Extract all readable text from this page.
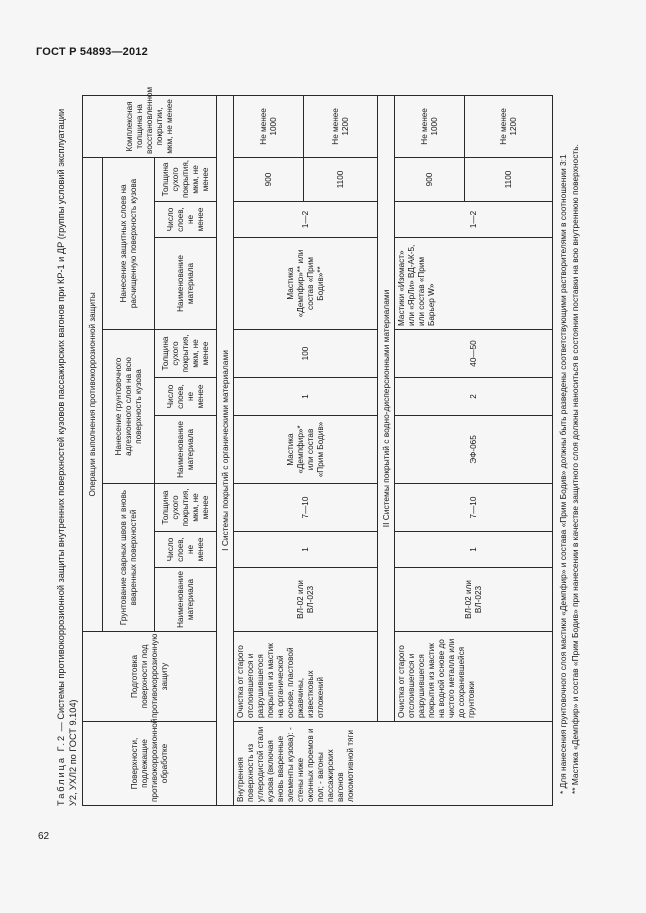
ГОСТ Р 54893—2012
Таблица Г.2 — Системы противокоррозионной защиты внутренних поверхностей кузовов пассажирских вагонов при КР-1 и ДР (группы условий эксплуатации У2, УХЛ2 по ГОСТ 9.104)	Поверхности, подлежащие противокоррозионной обработке	Подготовка поверхности под противокоррозионную защиту	Операции выполнения противокоррозионной защиты									Комплексная толщина на восстановленном покрытии, мкм, не менее
		Грунтование сварных швов и вновь вваренных поверхностей			Нанесение грунтовочного адгезионного слоя на всю поверхность кузова			Нанесение защитных слоев на расчищенную поверхность кузова			
		Наименование материала	Число слоев, не менее	Толщина сухого покрытия, мкм, не менее	Наименование материала	Число слоев, не менее	Толщина сухого покрытия, мкм, не менее	Наименование материала	Число слоев, не менее	Толщина сухого покрытия, мкм, не менее	
I Системы покрытий с органическими материалами											
Внутренняя поверхность из углеродистой стали кузова (включая вновь вваренные элементы кузова): - стены ниже оконных проемов и пол; - вагоны пассажирских вагонов локомотивной тяги	Очистка от старого отслоившегося и разрушившегося покрытия из мастик на органической основе, пластовой ржавчины, известковых отложений	ВЛ-02 или ВЛ-023	1	7—10	Мастика «Демпфир»* или состав «Прим Бодив»	1	100	Мастика «Демпфир»** или состав «Прим Бодив»**	1—2	900	Не менее 1000
										1100	Не менее 1200
	II Системы покрытий с водно-дисперсионными материалами										
	Очистка от старого отслоившегося и разрушившегося покрытия из мастик на водной основе до чистого металла или до сохранившейся грунтовки	ВЛ-02 или ВЛ-023	1	7—10	ЭФ-065	2	40—50	Мастики «Изомаст» или «ЯрЛи» ВД-АК-5, или состав «Прим Барьер W»	1—2	900	Не менее 1000
										1100	Не менее 1200

* Для нанесения грунтовочного слоя мастики «Демпфир» и состава «Прим Бодив» должны быть разведены соответствующими растворителями в соотношении 3:1 ** Мастика «Демпфир» и состав «Прим Бодив» при нанесении в качестве защитного слоя должны наноситься в состоянии поставки на всю внутреннюю поверхность.

62
